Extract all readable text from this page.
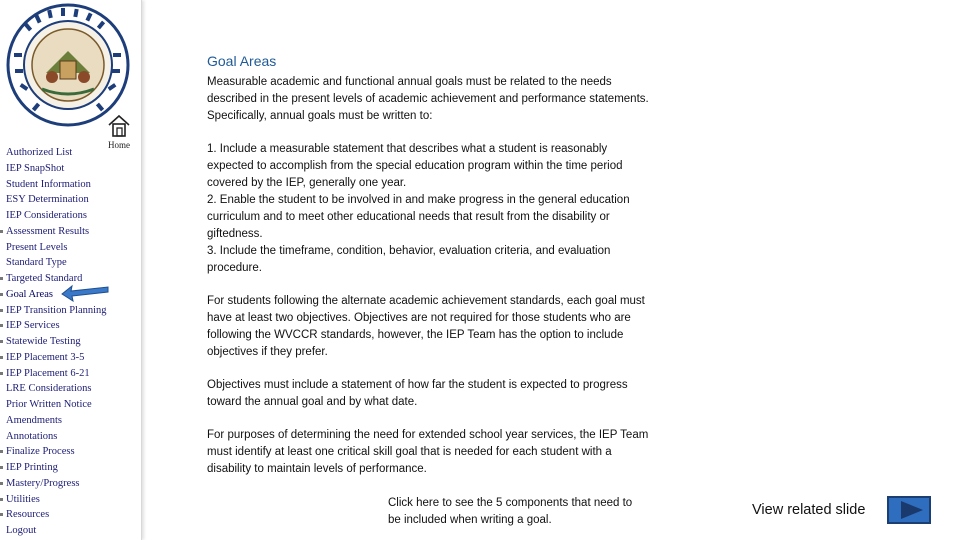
Home
Authorized List
IEP SnapShot
Student Information
ESY Determination
IEP Considerations
Assessment Results
Present Levels
Standard Type
Targeted Standard
Goal Areas
IEP Transition Planning
IEP Services
Statewide Testing
IEP Placement 3-5
IEP Placement 6-21
LRE Considerations
Prior Written Notice
Amendments
Annotations
Finalize Process
IEP Printing
Mastery/Progress
Utilities
Resources
Logout
Goal Areas

Measurable academic and functional annual goals must be related to the needs described in the present levels of academic achievement and performance statements. Specifically, annual goals must be written to:

1. Include a measurable statement that describes what a student is reasonably expected to accomplish from the special education program within the time period covered by the IEP, generally one year.

2. Enable the student to be involved in and make progress in the general education curriculum and to meet other educational needs that result from the disability or giftedness.

3. Include the timeframe, condition, behavior, evaluation criteria, and evaluation procedure.

For students following the alternate academic achievement standards, each goal must have at least two objectives. Objectives are not required for those students who are following the WVCCR standards, however, the IEP Team has the option to include objectives if they prefer.

Objectives must include a statement of how far the student is expected to progress toward the annual goal and by what date.

For purposes of determining the need for extended school year services, the IEP Team must identify at least one critical skill goal that is needed for each student with a disability to maintain levels of performance.

Click here to see the 5 components that need to be included when writing a goal.
View related slide
